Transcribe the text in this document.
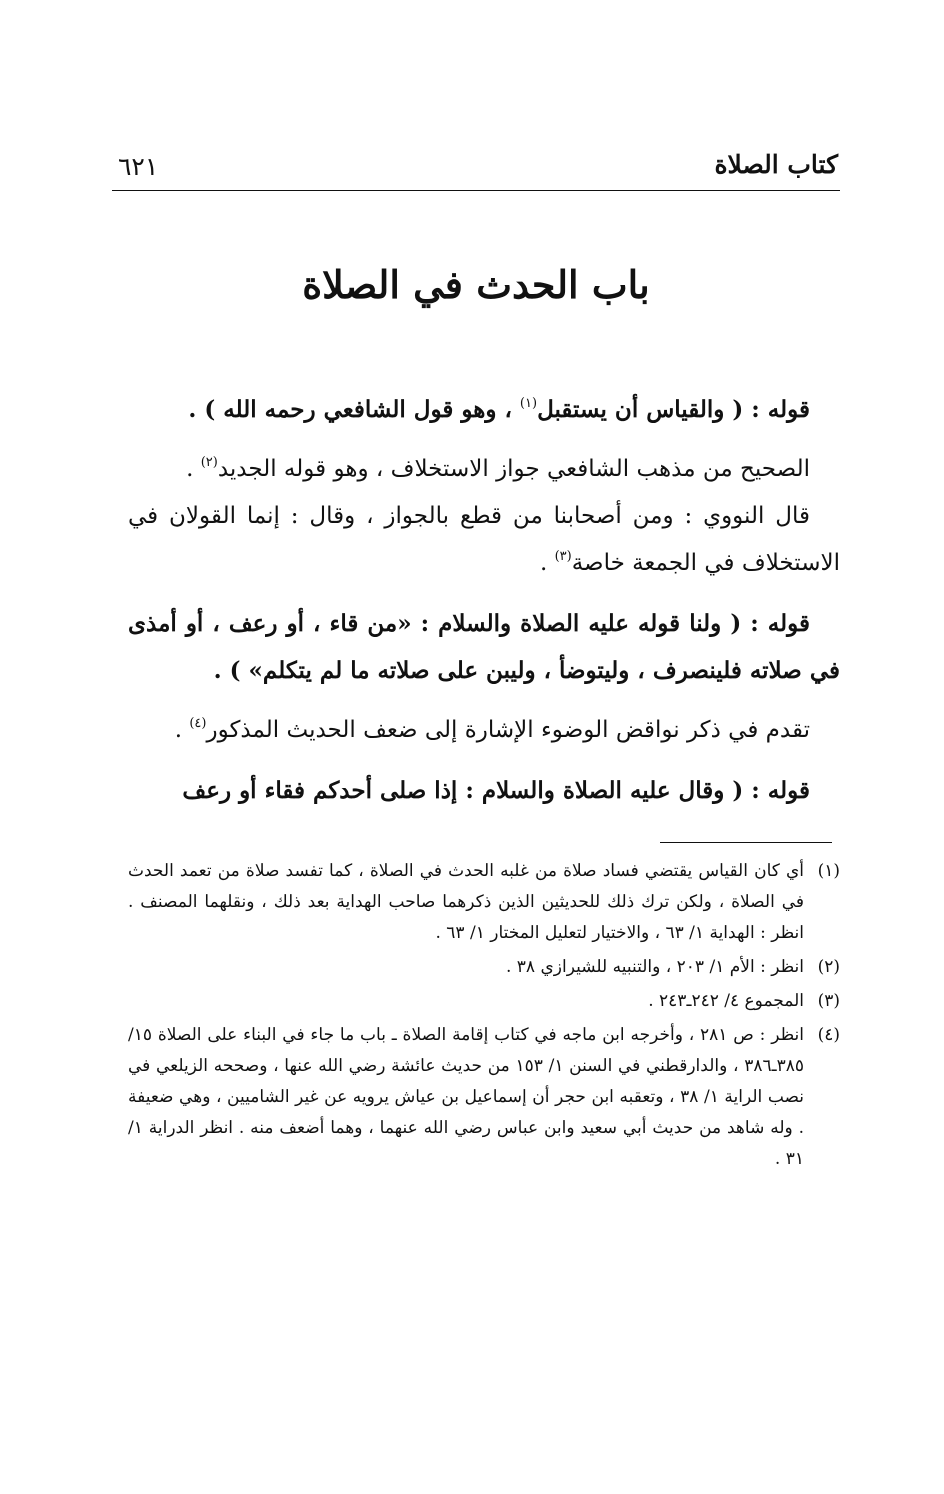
كتاب الصلاة
٦٢١
باب الحدث في الصلاة

قوله : ( والقياس أن يستقبل$^{(١)}$ ، وهو قول الشافعي رحمه الله ) .

الصحيح من مذهب الشافعي جواز الاستخلاف ، وهو قوله الجديد$^{(٢)}$ .

قال النووي : ومن أصحابنا من قطع بالجواز ، وقال : إنما القولان في الاستخلاف في الجمعة خاصة$^{(٣)}$ .

قوله : ( ولنا قوله عليه الصلاة والسلام : «من قاء ، أو رعف ، أو أمذى في صلاته فلينصرف ، وليتوضأ ، وليبن على صلاته ما لم يتكلم» ) .

تقدم في ذكر نواقض الوضوء الإشارة إلى ضعف الحديث المذكور$^{(٤)}$ .

قوله : ( وقال عليه الصلاة والسلام : إذا صلى أحدكم فقاء أو رعف

(١)
أي كان القياس يقتضي فساد صلاة من غلبه الحدث في الصلاة ، كما تفسد صلاة من تعمد الحدث في الصلاة ، ولكن ترك ذلك للحديثين الذين ذكرهما صاحب الهداية بعد ذلك ، ونقلهما المصنف . انظر : الهداية ١/ ٦٣ ، والاختيار لتعليل المختار ١/ ٦٣ .
(٢)
انظر : الأم ١/ ٢٠٣ ، والتنبيه للشيرازي ٣٨ .
(٣)
المجموع ٤/ ٢٤٢ـ٢٤٣ .
(٤)
انظر : ص ٢٨١ ، وأخرجه ابن ماجه في كتاب إقامة الصلاة ـ باب ما جاء في البناء على الصلاة ١٥/ ٣٨٥ـ٣٨٦ ، والدارقطني في السنن ١/ ١٥٣ من حديث عائشة رضي الله عنها ، وصححه الزيلعي في نصب الراية ١/ ٣٨ ، وتعقبه ابن حجر أن إسماعيل بن عياش يرويه عن غير الشاميين ، وهي ضعيفة . وله شاهد من حديث أبي سعيد وابن عباس رضي الله عنهما ، وهما أضعف منه . انظر الدراية ١/ ٣١ .
